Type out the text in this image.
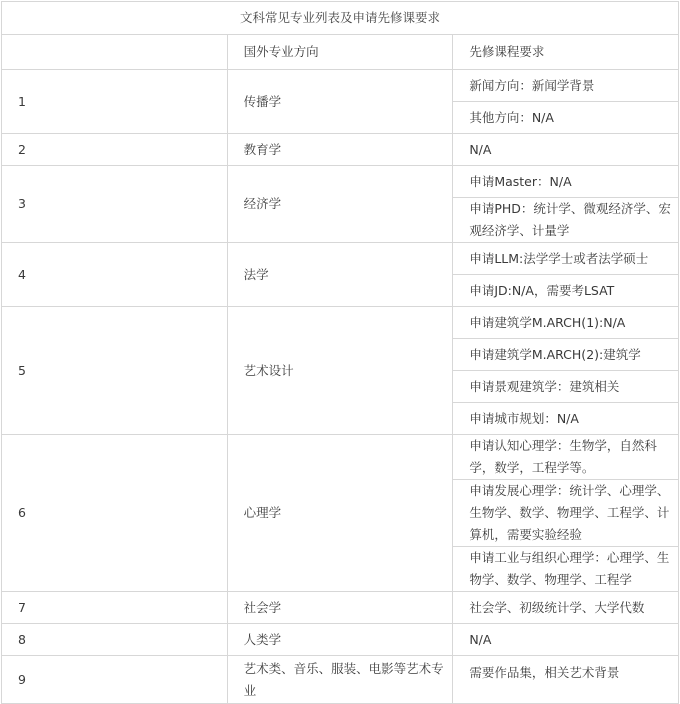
文科常见专业列表及申请先修课要求		
	国外专业方向	先修课程要求
1	传播学	新闻方向：新闻学背景
		其他方向：N/A
2	教育学	N/A
3	经济学	申请Master：N/A
		申请PHD：统计学、微观经济学、宏观经济学、计量学
4	法学	申请LLM:法学学士或者法学硕士
		申请JD:N/A，需要考LSAT
5	艺术设计	申请建筑学M.ARCH(1):N/A
		申请建筑学M.ARCH(2):建筑学
		申请景观建筑学：建筑相关
		申请城市规划：N/A
6	心理学	申请认知心理学：生物学，自然科学，数学，工程学等。
		申请发展心理学：统计学、心理学、生物学、数学、物理学、工程学、计算机，需要实验经验
		申请工业与组织心理学：心理学、生物学、数学、物理学、工程学
7	社会学	社会学、初级统计学、大学代数
8	人类学	N/A
9	艺术类、音乐、服装、电影等艺术专业	需要作品集，相关艺术背景
